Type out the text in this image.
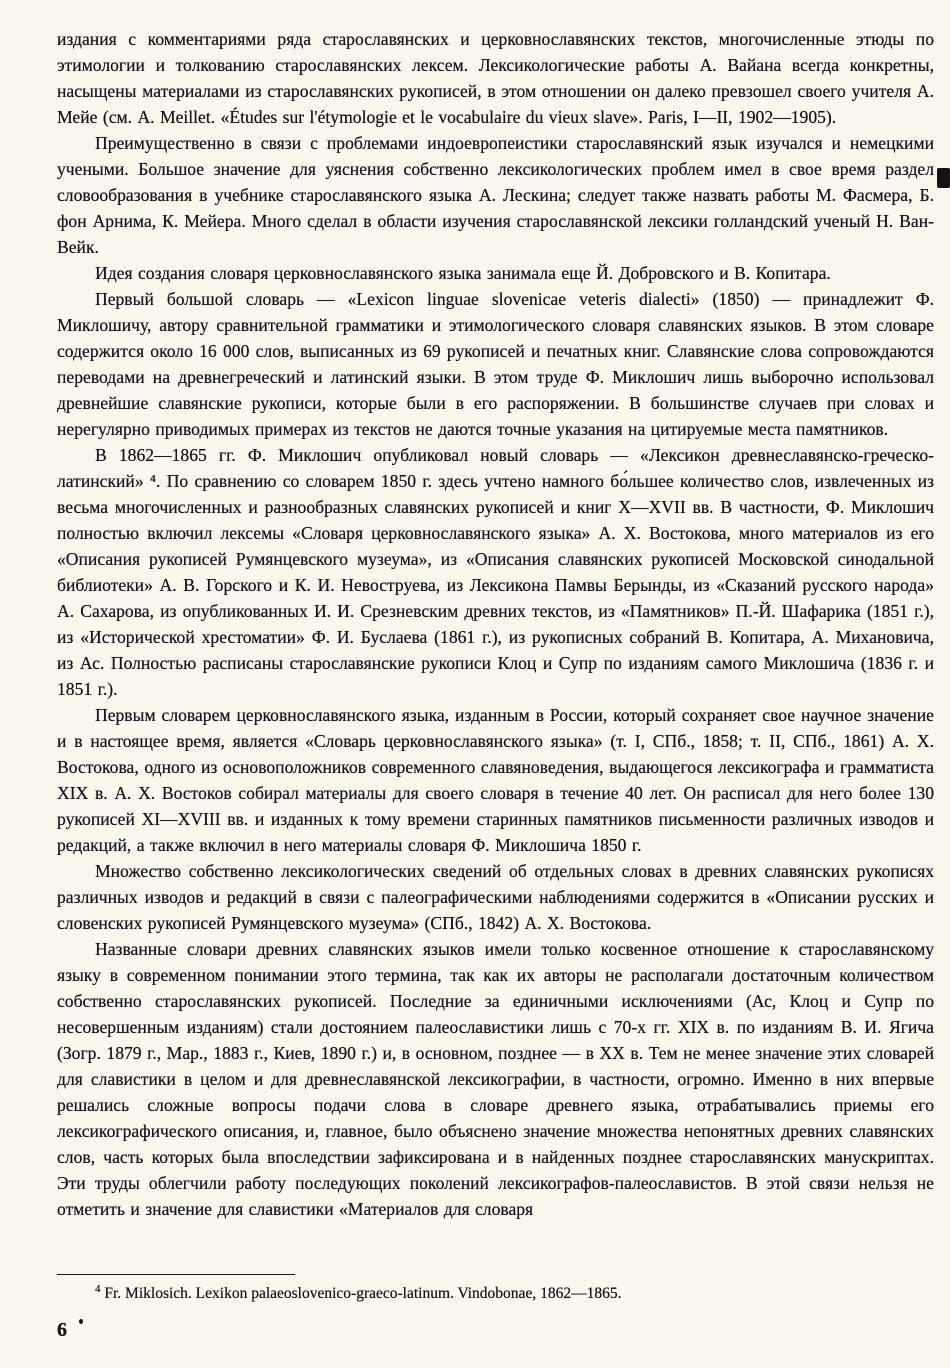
издания с комментариями ряда старославянских и церковнославянских текстов, многочисленные этюды по этимологии и толкованию старославянских лексем. Лексикологические работы А. Вайана всегда конкретны, насыщены материалами из старославянских рукописей, в этом отношении он далеко превзошел своего учителя А. Мейе (см. A. Meillet. «Études sur l'étymologie et le vocabulaire du vieux slave». Paris, I—II, 1902—1905).

Преимущественно в связи с проблемами индоевропеистики старославянский язык изучался и немецкими учеными. Большое значение для уяснения собственно лексикологических проблем имел в свое время раздел словообразования в учебнике старославянского языка А. Лескина; следует также назвать работы М. Фасмера, Б. фон Арнима, К. Мейера. Много сделал в области изучения старославянской лексики голландский ученый Н. Ван-Вейк.

Идея создания словаря церковнославянского языка занимала еще Й. Добровского и В. Копитара.

Первый большой словарь — «Lexicon linguae slovenicae veteris dialecti» (1850) — принадлежит Ф. Миклошичу, автору сравнительной грамматики и этимологического словаря славянских языков. В этом словаре содержится около 16 000 слов, выписанных из 69 рукописей и печатных книг. Славянские слова сопровождаются переводами на древнегреческий и латинский языки. В этом труде Ф. Миклошич лишь выборочно использовал древнейшие славянские рукописи, которые были в его распоряжении. В большинстве случаев при словах и нерегулярно приводимых примерах из текстов не даются точные указания на цитируемые места памятников.

В 1862—1865 гг. Ф. Миклошич опубликовал новый словарь — «Лексикон древнеславянско-греческо-латинский» ⁴. По сравнению со словарем 1850 г. здесь учтено намного бо́льшее количество слов, извлеченных из весьма многочисленных и разнообразных славянских рукописей и книг X—XVII вв. В частности, Ф. Миклошич полностью включил лексемы «Словаря церковнославянского языка» А. Х. Востокова, много материалов из его «Описания рукописей Румянцевского музеума», из «Описания славянских рукописей Московской синодальной библиотеки» А. В. Горского и К. И. Невоструева, из Лексикона Памвы Берынды, из «Сказаний русского народа» А. Сахарова, из опубликованных И. И. Срезневским древних текстов, из «Памятников» П.-Й. Шафарика (1851 г.), из «Исторической хрестоматии» Ф. И. Буслаева (1861 г.), из рукописных собраний В. Копитара, А. Михановича, из Ас. Полностью расписаны старославянские рукописи Клоц и Супр по изданиям самого Миклошича (1836 г. и 1851 г.).

Первым словарем церковнославянского языка, изданным в России, который сохраняет свое научное значение и в настоящее время, является «Словарь церковнославянского языка» (т. I, СПб., 1858; т. II, СПб., 1861) А. Х. Востокова, одного из основоположников современного славяноведения, выдающегося лексикографа и грамматиста XIX в. А. Х. Востоков собирал материалы для своего словаря в течение 40 лет. Он расписал для него более 130 рукописей XI—XVIII вв. и изданных к тому времени старинных памятников письменности различных изводов и редакций, а также включил в него материалы словаря Ф. Миклошича 1850 г.

Множество собственно лексикологических сведений об отдельных словах в древних славянских рукописях различных изводов и редакций в связи с палеографическими наблюдениями содержится в «Описании русских и словенских рукописей Румянцевского музеума» (СПб., 1842) А. Х. Востокова.

Названные словари древних славянских языков имели только косвенное отношение к старославянскому языку в современном понимании этого термина, так как их авторы не располагали достаточным количеством собственно старославянских рукописей. Последние за единичными исключениями (Ас, Клоц и Супр по несовершенным изданиям) стали достоянием палеославистики лишь с 70-х гг. XIX в. по изданиям В. И. Ягича (Зогр. 1879 г., Мар., 1883 г., Киев, 1890 г.) и, в основном, позднее — в XX в. Тем не менее значение этих словарей для славистики в целом и для древнеславянской лексикографии, в частности, огромно. Именно в них впервые решались сложные вопросы подачи слова в словаре древнего языка, отрабатывались приемы его лексикографического описания, и, главное, было объяснено значение множества непонятных древних славянских слов, часть которых была впоследствии зафиксирована и в найденных позднее старославянских манускриптах. Эти труды облегчили работу последующих поколений лексикографов-палеославистов. В этой связи нельзя не отметить и значение для славистики «Материалов для словаря

$^4$ Fr. Miklosich. Lexikon palaeoslovenico-graeco-latinum. Vindobonae, 1862—1865.

6
